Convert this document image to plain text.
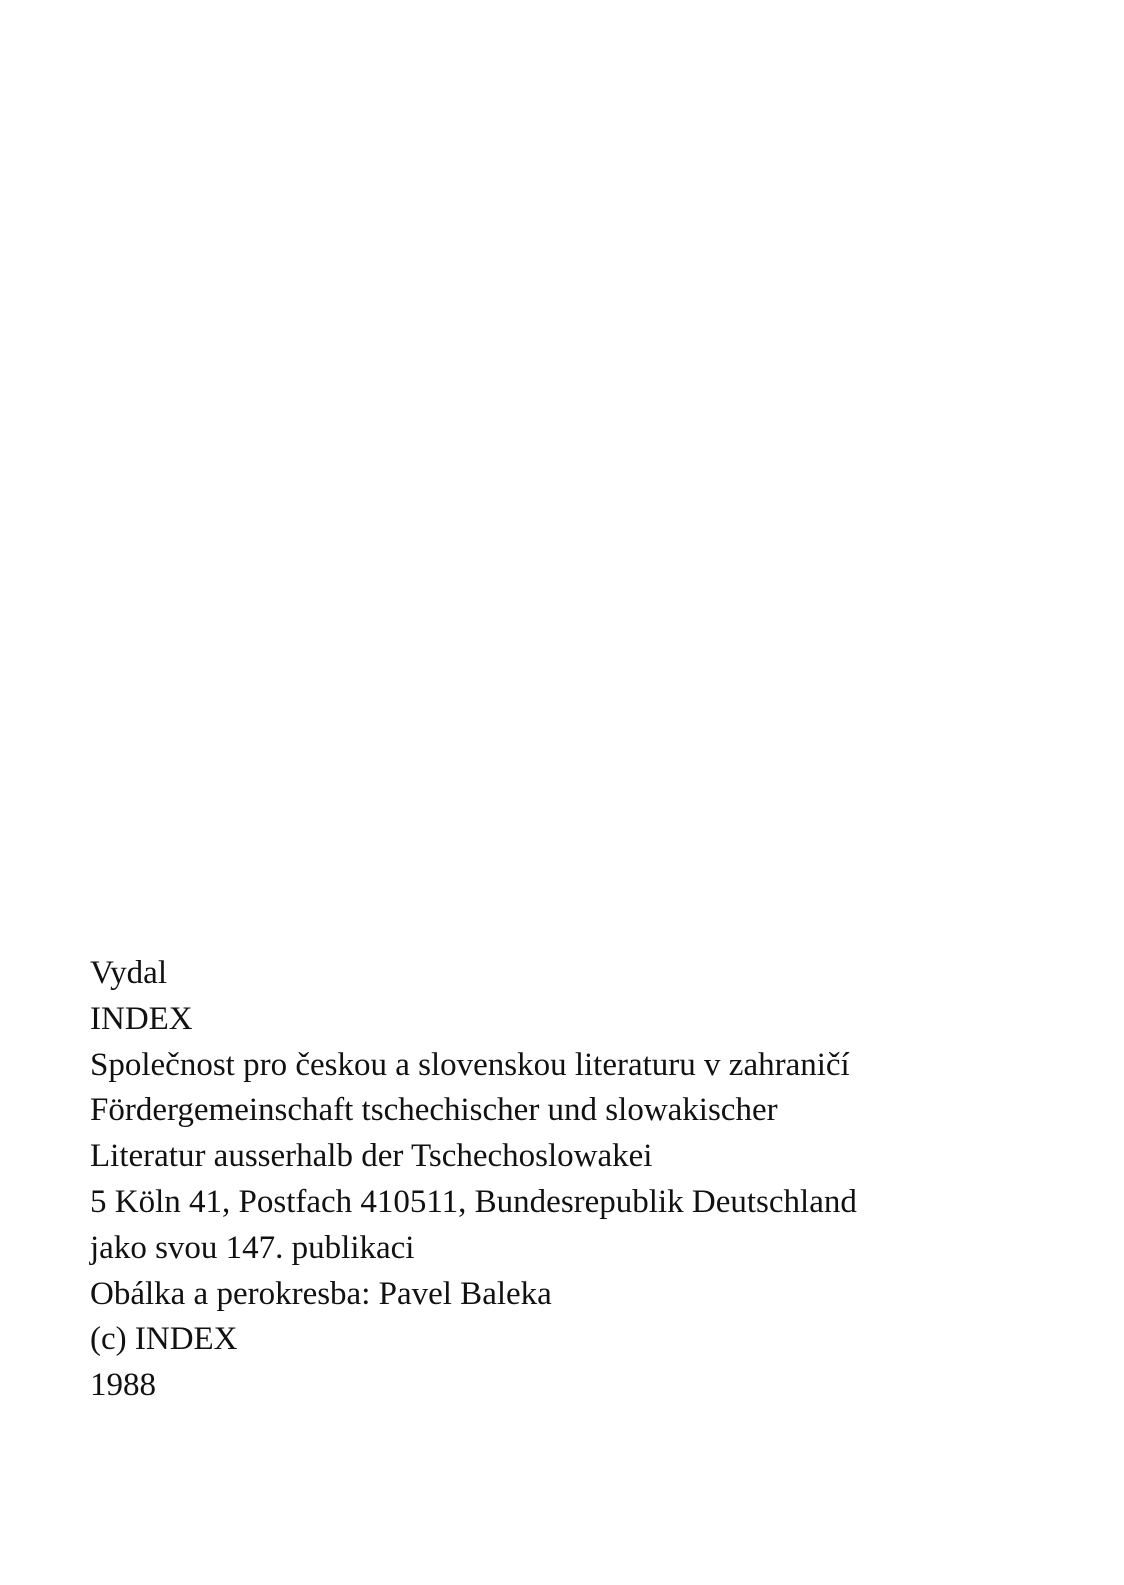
Vydal
INDEX
Společnost pro českou a slovenskou literaturu v zahraničí
Fördergemeinschaft tschechischer und slowakischer
Literatur ausserhalb der Tschechoslowakei
5 Köln 41, Postfach 410511, Bundesrepublik Deutschland
jako svou 147. publikaci
Obálka a perokresba: Pavel Baleka
(c) INDEX
1988
